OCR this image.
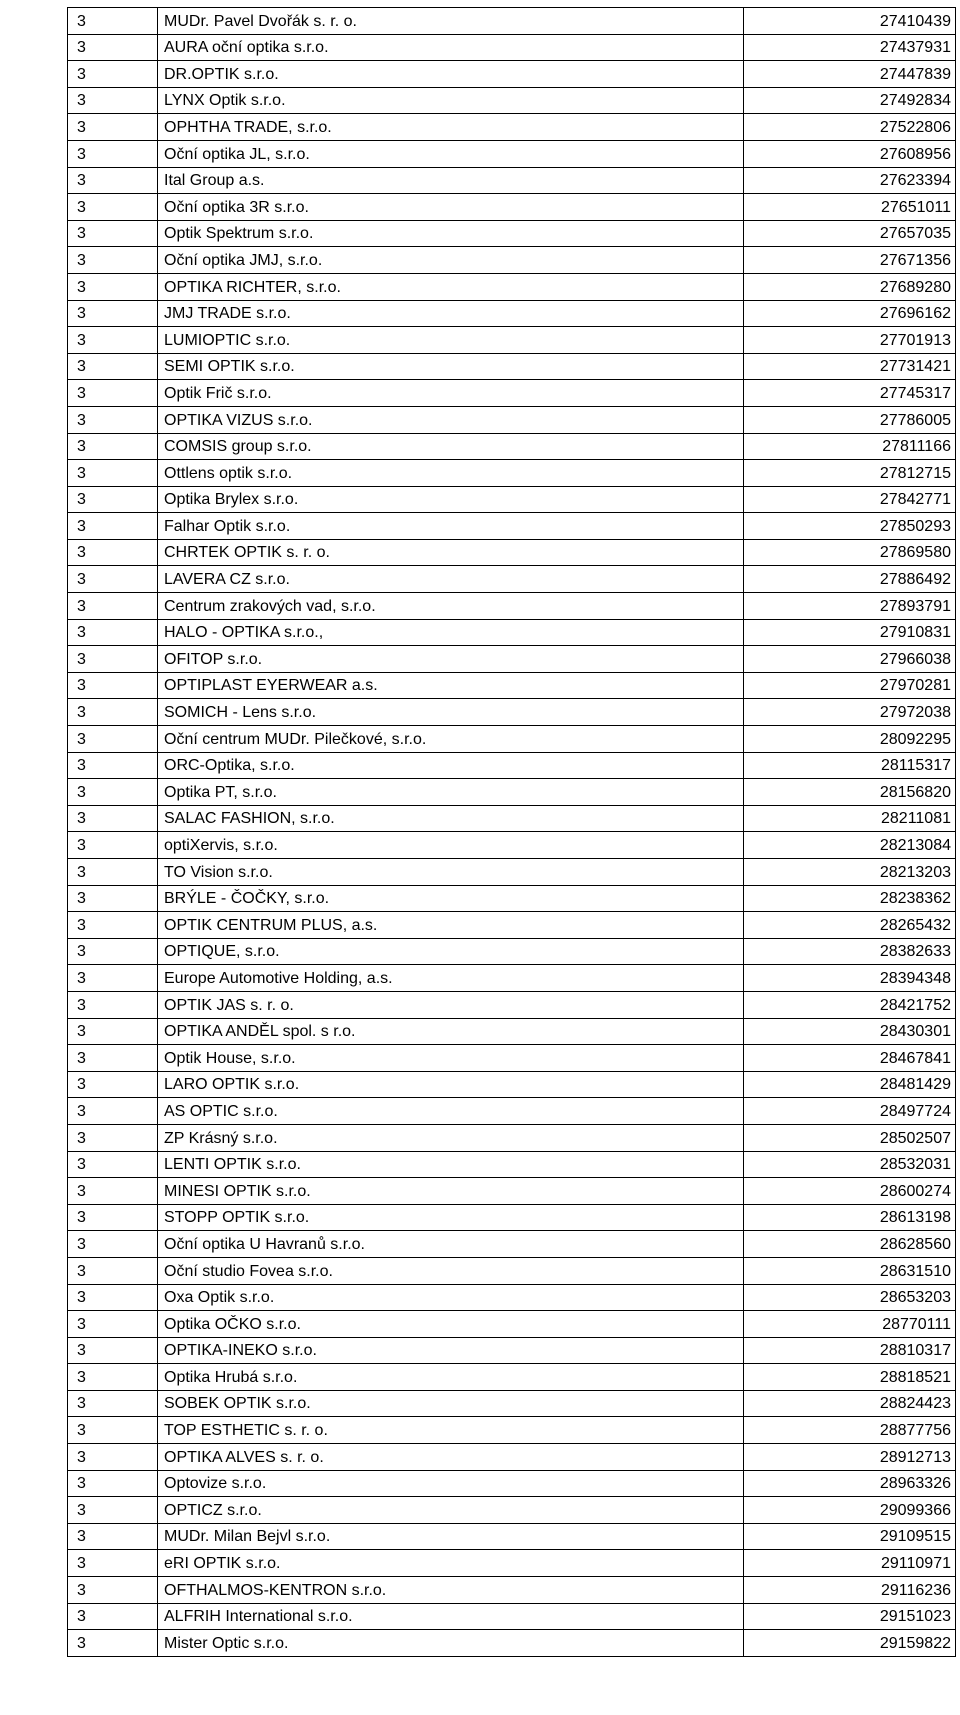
3	MUDr. Pavel Dvořák s. r. o.	27410439
3	AURA oční optika s.r.o.	27437931
3	DR.OPTIK s.r.o.	27447839
3	LYNX Optik s.r.o.	27492834
3	OPHTHA TRADE, s.r.o.	27522806
3	Oční optika JL, s.r.o.	27608956
3	Ital Group a.s.	27623394
3	Oční optika 3R s.r.o.	27651011
3	Optik Spektrum s.r.o.	27657035
3	Oční optika JMJ, s.r.o.	27671356
3	OPTIKA RICHTER, s.r.o.	27689280
3	JMJ TRADE s.r.o.	27696162
3	LUMIOPTIC s.r.o.	27701913
3	SEMI OPTIK s.r.o.	27731421
3	Optik Frič s.r.o.	27745317
3	OPTIKA VIZUS s.r.o.	27786005
3	COMSIS group s.r.o.	27811166
3	Ottlens optik s.r.o.	27812715
3	Optika Brylex s.r.o.	27842771
3	Falhar Optik s.r.o.	27850293
3	CHRTEK OPTIK s. r. o.	27869580
3	LAVERA CZ s.r.o.	27886492
3	Centrum zrakových vad, s.r.o.	27893791
3	HALO - OPTIKA s.r.o.,	27910831
3	OFITOP s.r.o.	27966038
3	OPTIPLAST EYERWEAR a.s.	27970281
3	SOMICH - Lens s.r.o.	27972038
3	Oční centrum MUDr. Pilečkové, s.r.o.	28092295
3	ORC-Optika, s.r.o.	28115317
3	Optika PT, s.r.o.	28156820
3	SALAC FASHION, s.r.o.	28211081
3	optiXervis, s.r.o.	28213084
3	TO Vision s.r.o.	28213203
3	BRÝLE - ČOČKY, s.r.o.	28238362
3	OPTIK CENTRUM PLUS, a.s.	28265432
3	OPTIQUE, s.r.o.	28382633
3	Europe Automotive Holding, a.s.	28394348
3	OPTIK JAS s. r. o.	28421752
3	OPTIKA ANDĚL spol. s r.o.	28430301
3	Optik House, s.r.o.	28467841
3	LARO OPTIK s.r.o.	28481429
3	AS OPTIC s.r.o.	28497724
3	ZP Krásný s.r.o.	28502507
3	LENTI OPTIK s.r.o.	28532031
3	MINESI OPTIK s.r.o.	28600274
3	STOPP OPTIK s.r.o.	28613198
3	Oční optika U Havranů s.r.o.	28628560
3	Oční studio Fovea s.r.o.	28631510
3	Oxa Optik s.r.o.	28653203
3	Optika OČKO s.r.o.	28770111
3	OPTIKA-INEKO s.r.o.	28810317
3	Optika Hrubá s.r.o.	28818521
3	SOBEK OPTIK s.r.o.	28824423
3	TOP ESTHETIC s. r. o.	28877756
3	OPTIKA ALVES s. r. o.	28912713
3	Optovize s.r.o.	28963326
3	OPTICZ s.r.o.	29099366
3	MUDr. Milan Bejvl s.r.o.	29109515
3	eRI OPTIK s.r.o.	29110971
3	OFTHALMOS-KENTRON s.r.o.	29116236
3	ALFRIH International s.r.o.	29151023
3	Mister Optic s.r.o.	29159822
